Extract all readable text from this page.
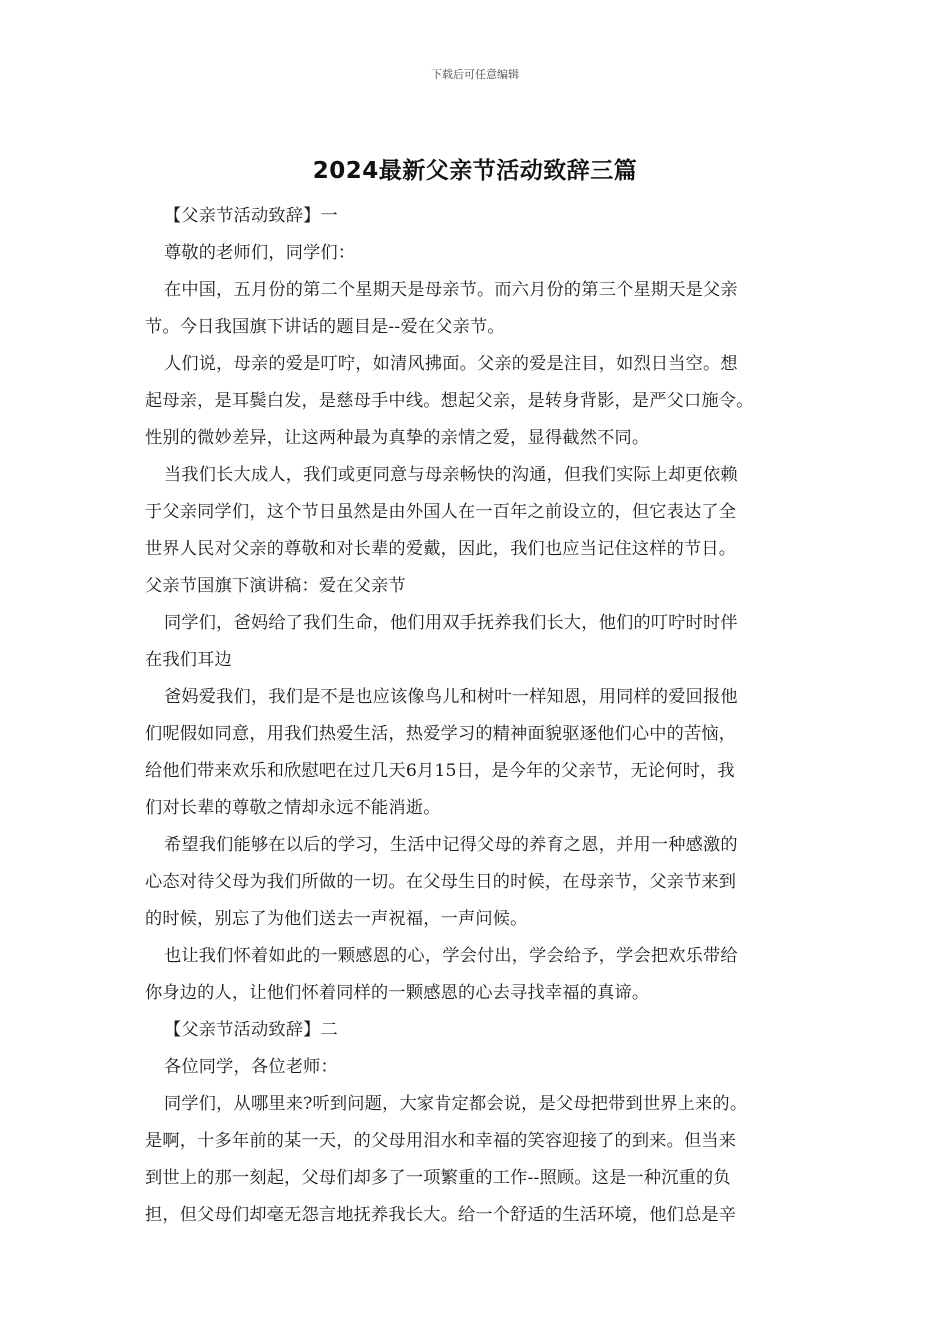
下载后可任意编辑
2024最新父亲节活动致辞三篇
【父亲节活动致辞】一
尊敬的老师们，同学们：
在中国，五月份的第二个星期天是母亲节。而六月份的第三个星期天是父亲
节。今日我国旗下讲话的题目是--爱在父亲节。
人们说，母亲的爱是叮咛，如清风拂面。父亲的爱是注目，如烈日当空。想
起母亲，是耳鬓白发，是慈母手中线。想起父亲，是转身背影，是严父口施令。
性别的微妙差异，让这两种最为真挚的亲情之爱，显得截然不同。
当我们长大成人，我们或更同意与母亲畅快的沟通，但我们实际上却更依赖
于父亲同学们，这个节日虽然是由外国人在一百年之前设立的，但它表达了全
世界人民对父亲的尊敬和对长辈的爱戴，因此，我们也应当记住这样的节日。
父亲节国旗下演讲稿：爱在父亲节
同学们，爸妈给了我们生命，他们用双手抚养我们长大，他们的叮咛时时伴
在我们耳边
爸妈爱我们，我们是不是也应该像鸟儿和树叶一样知恩，用同样的爱回报他
们呢假如同意，用我们热爱生活，热爱学习的精神面貌驱逐他们心中的苦恼，
给他们带来欢乐和欣慰吧在过几天6月15日，是今年的父亲节，无论何时，我
们对长辈的尊敬之情却永远不能消逝。
希望我们能够在以后的学习，生活中记得父母的养育之恩，并用一种感激的
心态对待父母为我们所做的一切。在父母生日的时候，在母亲节，父亲节来到
的时候，别忘了为他们送去一声祝福，一声问候。
也让我们怀着如此的一颗感恩的心，学会付出，学会给予，学会把欢乐带给
你身边的人，让他们怀着同样的一颗感恩的心去寻找幸福的真谛。
【父亲节活动致辞】二
各位同学，各位老师：
同学们，从哪里来?听到问题，大家肯定都会说，是父母把带到世界上来的。
是啊，十多年前的某一天，的父母用泪水和幸福的笑容迎接了的到来。但当来
到世上的那一刻起，父母们却多了一项繁重的工作--照顾。这是一种沉重的负
担，但父母们却毫无怨言地抚养我长大。给一个舒适的生活环境，他们总是辛
